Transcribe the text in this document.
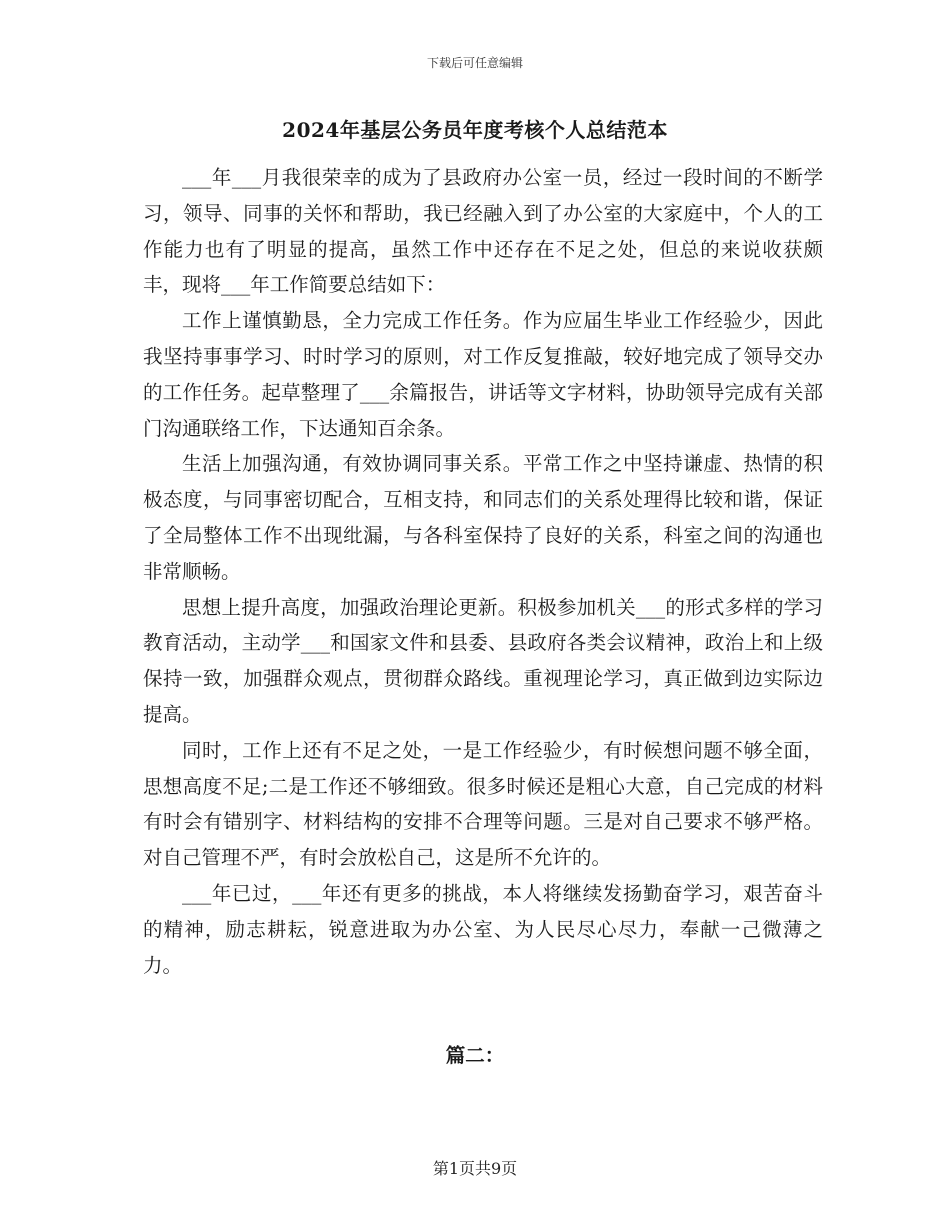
下载后可任意编辑
2024年基层公务员年度考核个人总结范本

___年___月我很荣幸的成为了县政府办公室一员，经过一段时间的不断学习，领导、同事的关怀和帮助，我已经融入到了办公室的大家庭中，个人的工作能力也有了明显的提高，虽然工作中还存在不足之处，但总的来说收获颇丰，现将___年工作简要总结如下：

工作上谨慎勤恳，全力完成工作任务。作为应届生毕业工作经验少，因此我坚持事事学习、时时学习的原则，对工作反复推敲，较好地完成了领导交办的工作任务。起草整理了___余篇报告，讲话等文字材料，协助领导完成有关部门沟通联络工作，下达通知百余条。

生活上加强沟通，有效协调同事关系。平常工作之中坚持谦虚、热情的积极态度，与同事密切配合，互相支持，和同志们的关系处理得比较和谐，保证了全局整体工作不出现纰漏，与各科室保持了良好的关系，科室之间的沟通也非常顺畅。

思想上提升高度，加强政治理论更新。积极参加机关___的形式多样的学习教育活动，主动学___和国家文件和县委、县政府各类会议精神，政治上和上级保持一致，加强群众观点，贯彻群众路线。重视理论学习，真正做到边实际边提高。

同时，工作上还有不足之处，一是工作经验少，有时候想问题不够全面，思想高度不足;二是工作还不够细致。很多时候还是粗心大意，自己完成的材料有时会有错别字、材料结构的安排不合理等问题。三是对自己要求不够严格。对自己管理不严，有时会放松自己，这是所不允许的。

___年已过，___年还有更多的挑战，本人将继续发扬勤奋学习，艰苦奋斗的精神，励志耕耘，锐意进取为办公室、为人民尽心尽力，奉献一己微薄之力。

篇二：
第1页共9页
